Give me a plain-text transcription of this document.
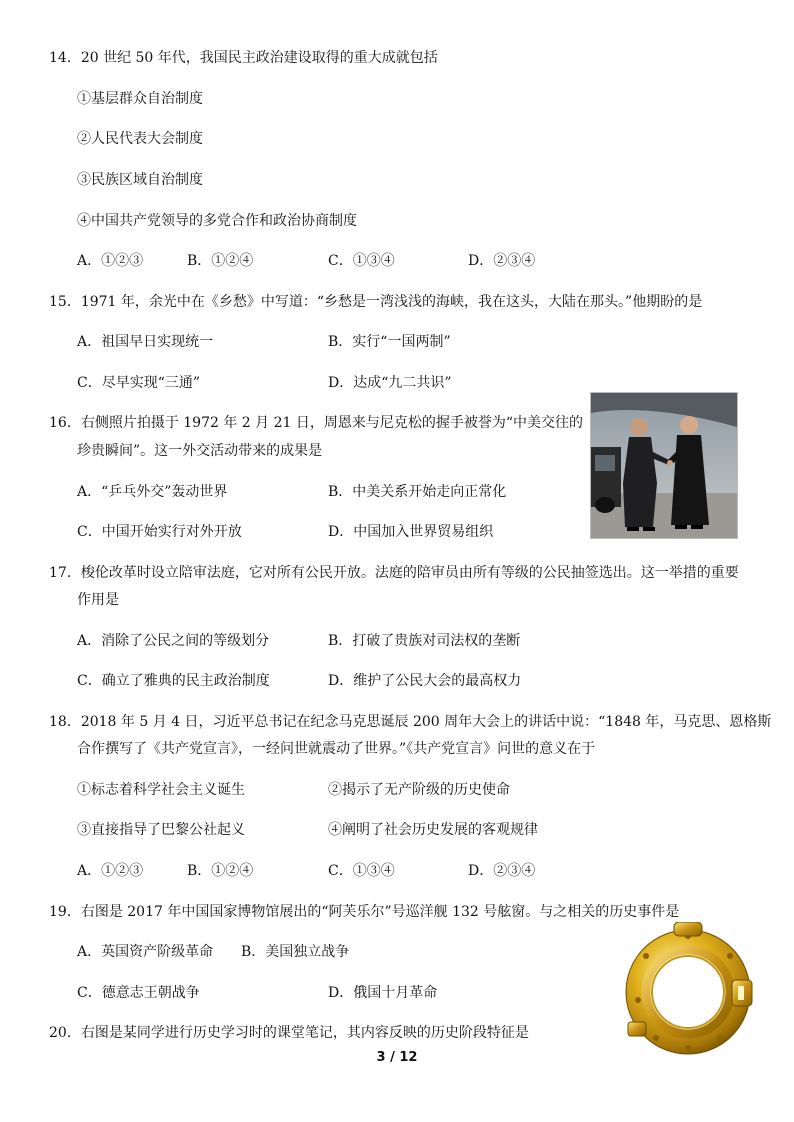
14．20 世纪 50 年代，我国民主政治建设取得的重大成就包括
①基层群众自治制度
②人民代表大会制度
③民族区域自治制度
④中国共产党领导的多党合作和政治协商制度
A．①②③	B．①②④	C．①③④	D．②③④
15．1971 年，余光中在《乡愁》中写道：“乡愁是一湾浅浅的海峡，我在这头，大陆在那头。”他期盼的是
A．祖国早日实现统一	B．实行“一国两制”
C．尽早实现“三通”	D．达成“九二共识”
16．右侧照片拍摄于 1972 年 2 月 21 日，周恩来与尼克松的握手被誉为“中美交往的
珍贵瞬间”。这一外交活动带来的成果是
A．“乒乓外交”轰动世界	B．中美关系开始走向正常化
C．中国开始实行对外开放	D．中国加入世界贸易组织
17．梭伦改革时设立陪审法庭，它对所有公民开放。法庭的陪审员由所有等级的公民抽签选出。这一举措的重要
作用是
A．消除了公民之间的等级划分	B．打破了贵族对司法权的垄断
C．确立了雅典的民主政治制度	D．维护了公民大会的最高权力
18．2018 年 5 月 4 日，习近平总书记在纪念马克思诞辰 200 周年大会上的讲话中说：“1848 年，马克思、恩格斯
合作撰写了《共产党宣言》，一经问世就震动了世界。”《共产党宣言》问世的意义在于
①标志着科学社会主义诞生	②揭示了无产阶级的历史使命
③直接指导了巴黎公社起义	④阐明了社会历史发展的客观规律
A．①②③	B．①②④	C．①③④	D．②③④
19．右图是 2017 年中国国家博物馆展出的“阿芙乐尔”号巡洋舰 132 号舷窗。与之相关的历史事件是
A．英国资产阶级革命 B．美国独立战争
C．德意志王朝战争	D．俄国十月革命
20．右图是某同学进行历史学习时的课堂笔记，其内容反映的历史阶段特征是
3 / 12
